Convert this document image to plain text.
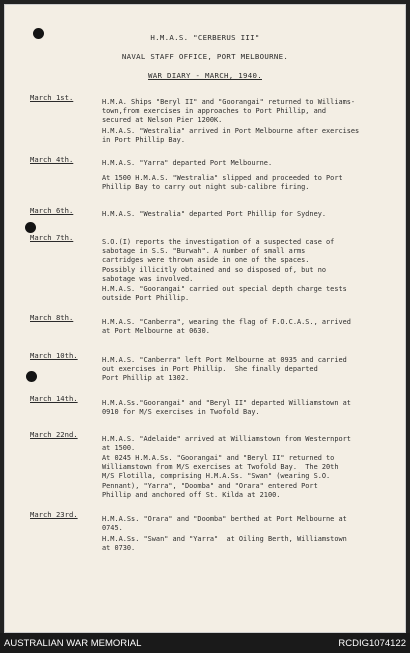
H.M.A.S. "CERBERUS III"
NAVAL STAFF OFFICE, PORT MELBOURNE.
WAR DIARY - MARCH, 1940.
March 1st.	H.M.A. Ships "Beryl II" and "Goorangai" returned to Williams-
town,from exercises in approaches to Port Phillip, and
secured at Nelson Pier 1200K.
H.M.A.S. "Westralia" arrived in Port Melbourne after exercises
in Port Phillip Bay.
March 4th.	H.M.A.S. "Yarra" departed Port Melbourne.
At 1500 H.M.A.S. "Westralia" slipped and proceeded to Port
Phillip Bay to carry out night sub-calibre firing.
March 6th.	H.M.A.S. "Westralia" departed Port Phillip for Sydney.
March 7th.	S.O.(I) reports the investigation of a suspected case of
sabotage in S.S. "Burwah". A number of small arms
cartridges were thrown aside in one of the spaces.
Possibly illicitly obtained and so disposed of, but no
sabotage was involved.
H.M.A.S. "Goorangai" carried out special depth charge tests
outside Port Phillip.
March 8th.	H.M.A.S. "Canberra", wearing the flag of F.O.C.A.S., arrived
at Port Melbourne at 0630.
March 10th.	H.M.A.S. "Canberra" left Port Melbourne at 0935 and carried
out exercises in Port Phillip.  She finally departed
Port Phillip at 1302.
March 14th.	H.M.A.Ss."Goorangai" and "Beryl II" departed Williamstown at
0910 for M/S exercises in Twofold Bay.
March 22nd.	H.M.A.S. "Adelaide" arrived at Williamstown from Westernport
at 1500.
At 0245 H.M.A.Ss. "Goorangai" and "Beryl II" returned to
Williamstown from M/S exercises at Twofold Bay.  The 20th
M/S Flotilla, comprising H.M.A.Ss. "Swan" (wearing S.O.
Pennant), "Yarra", "Doomba" and "Orara" entered Port
Phillip and anchored off St. Kilda at 2100.
March 23rd.	H.M.A.Ss. "Orara" and "Doomba" berthed at Port Melbourne at
0745.
H.M.A.Ss. "Swan" and "Yarra"  at Oiling Berth, Williamstown
at 0730.
AUSTRALIAN WAR MEMORIAL	RCDIG1074122
